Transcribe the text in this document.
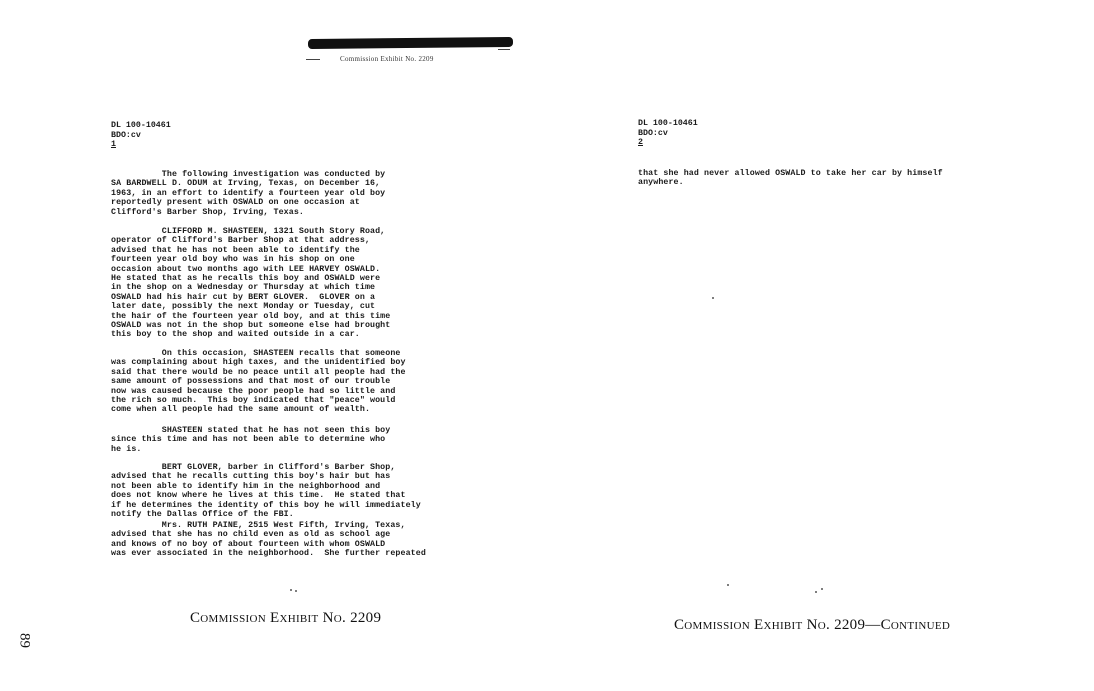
Commission Exhibit No. 2209
DL 100-10461
BDO:cv
1
The following investigation was conducted by
SA BARDWELL D. ODUM at Irving, Texas, on December 16,
1963, in an effort to identify a fourteen year old boy
reportedly present with OSWALD on one occasion at
Clifford's Barber Shop, Irving, Texas.
CLIFFORD M. SHASTEEN, 1321 South Story Road,
operator of Clifford's Barber Shop at that address,
advised that he has not been able to identify the
fourteen year old boy who was in his shop on one
occasion about two months ago with LEE HARVEY OSWALD.
He stated that as he recalls this boy and OSWALD were
in the shop on a Wednesday or Thursday at which time
OSWALD had his hair cut by BERT GLOVER.  GLOVER on a
later date, possibly the next Monday or Tuesday, cut
the hair of the fourteen year old boy, and at this time
OSWALD was not in the shop but someone else had brought
this boy to the shop and waited outside in a car.
On this occasion, SHASTEEN recalls that someone
was complaining about high taxes, and the unidentified boy
said that there would be no peace until all people had the
same amount of possessions and that most of our trouble
now was caused because the poor people had so little and
the rich so much.  This boy indicated that "peace" would
come when all people had the same amount of wealth.
SHASTEEN stated that he has not seen this boy
since this time and has not been able to determine who
he is.
BERT GLOVER, barber in Clifford's Barber Shop,
advised that he recalls cutting this boy's hair but has
not been able to identify him in the neighborhood and
does not know where he lives at this time.  He stated that
if he determines the identity of this boy he will immediately
notify the Dallas Office of the FBI.
Mrs. RUTH PAINE, 2515 West Fifth, Irving, Texas,
advised that she has no child even as old as school age
and knows of no boy of about fourteen with whom OSWALD
was ever associated in the neighborhood.  She further repeated
Commission Exhibit No. 2209
89
DL 100-10461
BDO:cv
2
that she had never allowed OSWALD to take her car by himself
anywhere.
Commission Exhibit No. 2209—Continued
